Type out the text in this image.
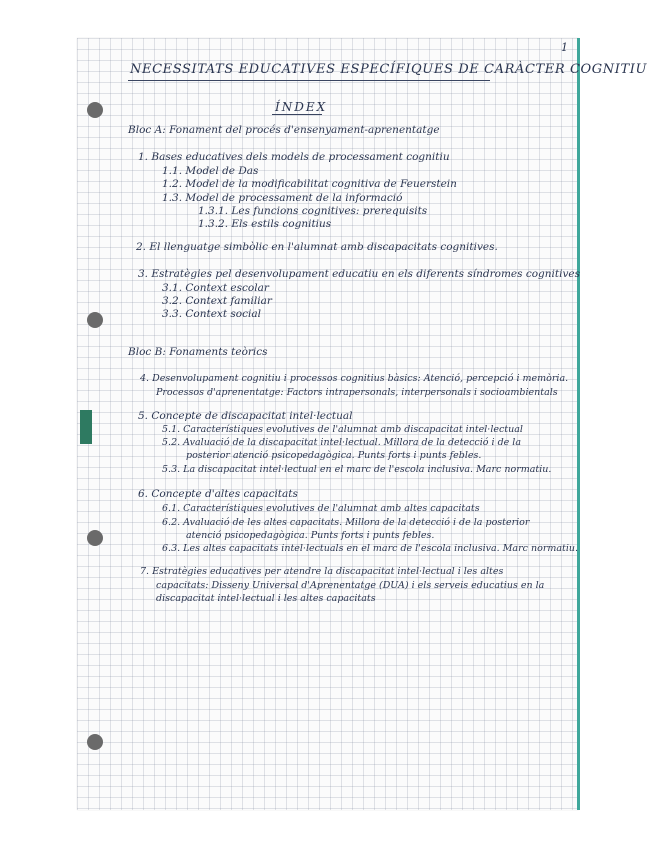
1
NECESSITATS EDUCATIVES ESPECÍFIQUES DE CARÀCTER COGNITIU
ÍNDEX
Bloc A: Fonament del procés d'ensenyament-aprenentatge
1. Bases educatives dels models de processament cognitiu
1.1. Model de Das
1.2. Model de la modificabilitat cognitiva de Feuerstein
1.3. Model de processament de la informació
1.3.1. Les funcions cognitives: prerequisits
1.3.2. Els estils cognitius
2. El llenguatge simbòlic en l'alumnat amb discapacitats cognitives.
3. Estratègies pel desenvolupament educatiu en els diferents síndromes cognitives
3.1. Context escolar
3.2. Context familiar
3.3. Context social
Bloc B: Fonaments teòrics
4. Desenvolupament cognitiu i processos cognitius bàsics: Atenció, percepció i memòria.
Processos d'aprenentatge: Factors intrapersonals, interpersonals i socioambientals
5. Concepte de discapacitat intel·lectual
5.1. Característiques evolutives de l'alumnat amb discapacitat intel·lectual
5.2. Avaluació de la discapacitat intel·lectual. Millora de la detecció i de la
posterior atenció psicopedagògica. Punts forts i punts febles.
5.3. La discapacitat intel·lectual en el marc de l'escola inclusiva. Marc normatiu.
6. Concepte d'altes capacitats
6.1. Característiques evolutives de l'alumnat amb altes capacitats
6.2. Avaluació de les altes capacitats. Millora de la detecció i de la posterior
atenció psicopedagògica. Punts forts i punts febles.
6.3. Les altes capacitats intel·lectuals en el marc de l'escola inclusiva. Marc normatiu.
7. Estratègies educatives per atendre la discapacitat intel·lectual i les altes
capacitats: Disseny Universal d'Aprenentatge (DUA) i els serveis educatius en la
discapacitat intel·lectual i les altes capacitats
